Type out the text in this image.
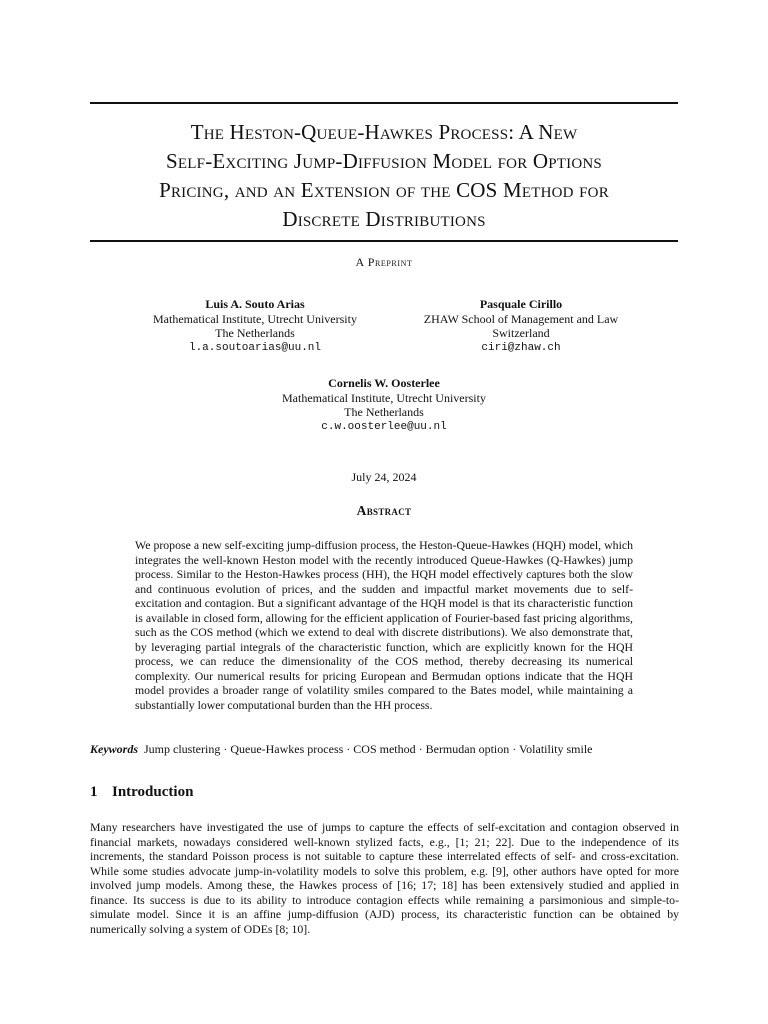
The Heston-Queue-Hawkes Process: A New
Self-Exciting Jump-Diffusion Model for Options
Pricing, and an Extension of the COS Method for
Discrete Distributions
A Preprint
Luis A. Souto Arias
Mathematical Institute, Utrecht University
The Netherlands
l.a.soutoarias@uu.nl
Pasquale Cirillo
ZHAW School of Management and Law
Switzerland
ciri@zhaw.ch
Cornelis W. Oosterlee
Mathematical Institute, Utrecht University
The Netherlands
c.w.oosterlee@uu.nl
July 24, 2024
Abstract
We propose a new self-exciting jump-diffusion process, the Heston-Queue-Hawkes (HQH) model, which integrates the well-known Heston model with the recently introduced Queue-Hawkes (Q-Hawkes) jump process. Similar to the Heston-Hawkes process (HH), the HQH model effectively captures both the slow and continuous evolution of prices, and the sudden and impactful market movements due to self-excitation and contagion. But a significant advantage of the HQH model is that its characteristic function is available in closed form, allowing for the efficient application of Fourier-based fast pricing algorithms, such as the COS method (which we extend to deal with discrete distributions). We also demonstrate that, by leveraging partial integrals of the characteristic function, which are explicitly known for the HQH process, we can reduce the dimensionality of the COS method, thereby decreasing its numerical complexity. Our numerical results for pricing European and Bermudan options indicate that the HQH model provides a broader range of volatility smiles compared to the Bates model, while maintaining a substantially lower computational burden than the HH process.
Keywords Jump clustering · Queue-Hawkes process · COS method · Bermudan option · Volatility smile
1 Introduction
Many researchers have investigated the use of jumps to capture the effects of self-excitation and contagion observed in financial markets, nowadays considered well-known stylized facts, e.g., [1; 21; 22]. Due to the independence of its increments, the standard Poisson process is not suitable to capture these interrelated effects of self- and cross-excitation. While some studies advocate jump-in-volatility models to solve this problem, e.g. [9], other authors have opted for more involved jump models. Among these, the Hawkes process of [16; 17; 18] has been extensively studied and applied in finance. Its success is due to its ability to introduce contagion effects while remaining a parsimonious and simple-to-simulate model. Since it is an affine jump-diffusion (AJD) process, its characteristic function can be obtained by numerically solving a system of ODEs [8; 10].
